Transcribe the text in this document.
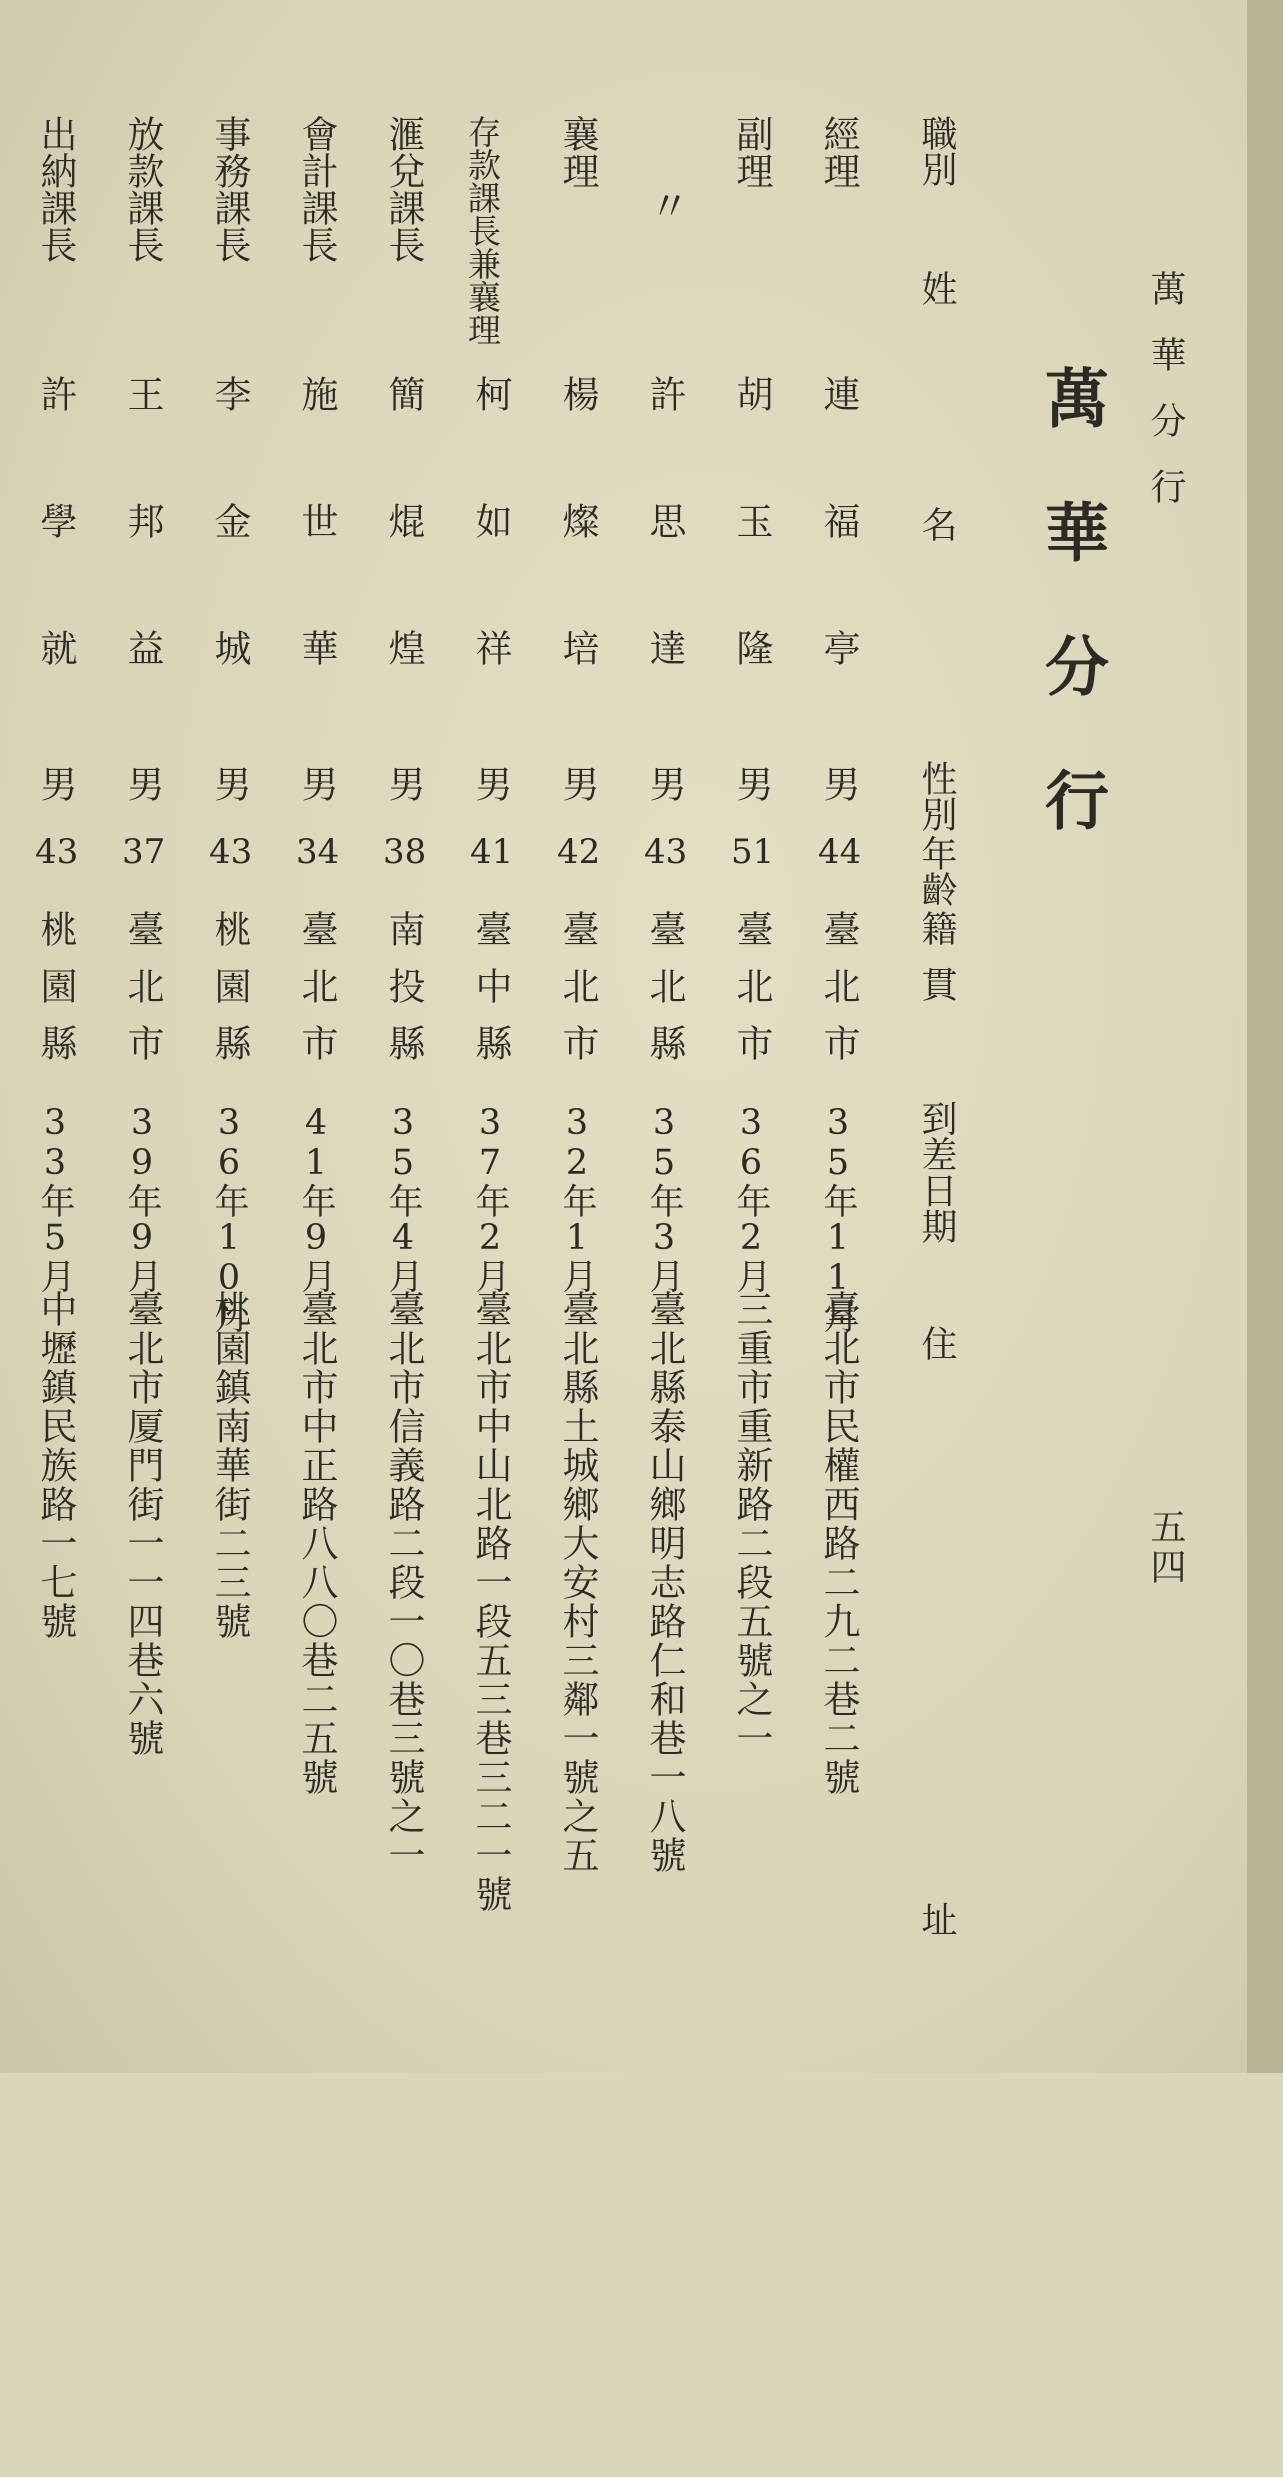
萬華分行
五四
萬華分行
職別
姓名
性別
年齡
籍貫
到差日期
住址
經理
連福亭
男
44
臺北市
35年11月
臺北市民權西路二九二巷二號
副理
胡玉隆
男
51
臺北市
36年2月
三重市重新路二段五號之一
〃
許思達
男
43
臺北縣
35年3月
臺北縣泰山鄉明志路仁和巷一八號
襄理
楊燦培
男
42
臺北市
32年1月
臺北縣土城鄉大安村三鄰一號之五
存款課長兼襄理
柯如祥
男
41
臺中縣
37年2月
臺北市中山北路一段五三巷三二一號
滙兌課長
簡焜煌
男
38
南投縣
35年4月
臺北市信義路二段一〇巷三號之一
會計課長
施世華
男
34
臺北市
41年9月
臺北市中正路八八〇巷二五號
事務課長
李金城
男
43
桃園縣
36年10月
桃園鎮南華街二三號
放款課長
王邦益
男
37
臺北市
39年9月
臺北市厦門街一一四巷六號
出納課長
許學就
男
43
桃園縣
33年5月
中壢鎮民族路一七號
